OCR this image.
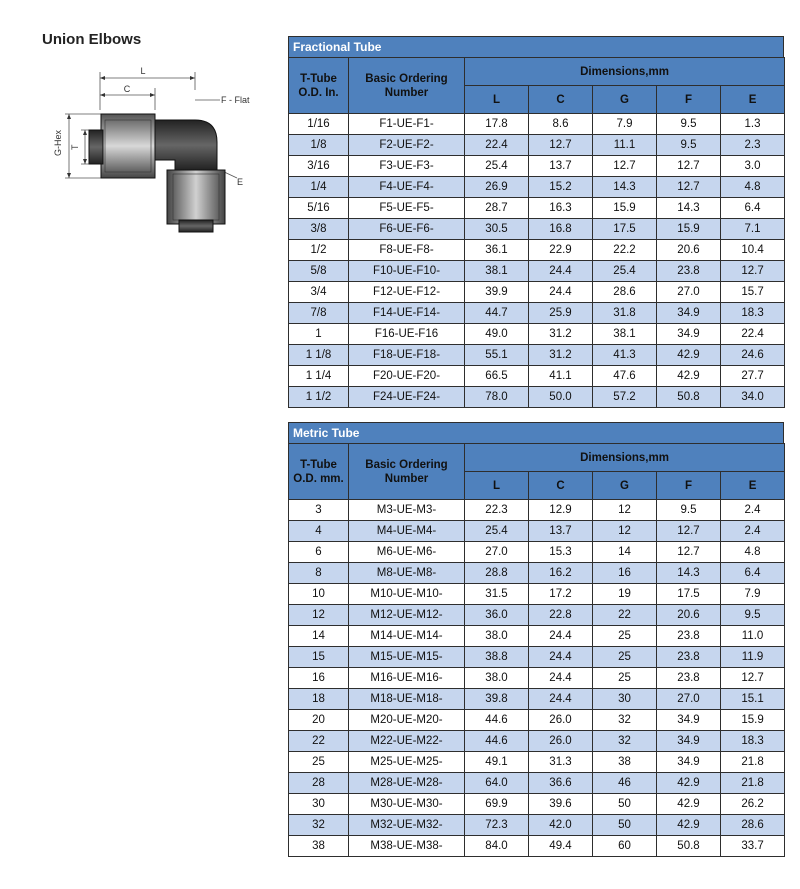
Union Elbows
L
C
F - Flat
G-Hex T
E
Fractional Tube
T-Tube O.D. In.	Basic Ordering Number	Dimensions,mm				
		L	C	G	F	E
1/16	F1-UE-F1-	17.8	8.6	7.9	9.5	1.3
1/8	F2-UE-F2-	22.4	12.7	11.1	9.5	2.3
3/16	F3-UE-F3-	25.4	13.7	12.7	12.7	3.0
1/4	F4-UE-F4-	26.9	15.2	14.3	12.7	4.8
5/16	F5-UE-F5-	28.7	16.3	15.9	14.3	6.4
3/8	F6-UE-F6-	30.5	16.8	17.5	15.9	7.1
1/2	F8-UE-F8-	36.1	22.9	22.2	20.6	10.4
5/8	F10-UE-F10-	38.1	24.4	25.4	23.8	12.7
3/4	F12-UE-F12-	39.9	24.4	28.6	27.0	15.7
7/8	F14-UE-F14-	44.7	25.9	31.8	34.9	18.3
1	F16-UE-F16	49.0	31.2	38.1	34.9	22.4
1 1/8	F18-UE-F18-	55.1	31.2	41.3	42.9	24.6
1 1/4	F20-UE-F20-	66.5	41.1	47.6	42.9	27.7
1 1/2	F24-UE-F24-	78.0	50.0	57.2	50.8	34.0
Metric Tube
T-Tube O.D. mm.	Basic Ordering Number	Dimensions,mm				
		L	C	G	F	E
3	M3-UE-M3-	22.3	12.9	12	9.5	2.4
4	M4-UE-M4-	25.4	13.7	12	12.7	2.4
6	M6-UE-M6-	27.0	15.3	14	12.7	4.8
8	M8-UE-M8-	28.8	16.2	16	14.3	6.4
10	M10-UE-M10-	31.5	17.2	19	17.5	7.9
12	M12-UE-M12-	36.0	22.8	22	20.6	9.5
14	M14-UE-M14-	38.0	24.4	25	23.8	11.0
15	M15-UE-M15-	38.8	24.4	25	23.8	11.9
16	M16-UE-M16-	38.0	24.4	25	23.8	12.7
18	M18-UE-M18-	39.8	24.4	30	27.0	15.1
20	M20-UE-M20-	44.6	26.0	32	34.9	15.9
22	M22-UE-M22-	44.6	26.0	32	34.9	18.3
25	M25-UE-M25-	49.1	31.3	38	34.9	21.8
28	M28-UE-M28-	64.0	36.6	46	42.9	21.8
30	M30-UE-M30-	69.9	39.6	50	42.9	26.2
32	M32-UE-M32-	72.3	42.0	50	42.9	28.6
38	M38-UE-M38-	84.0	49.4	60	50.8	33.7
